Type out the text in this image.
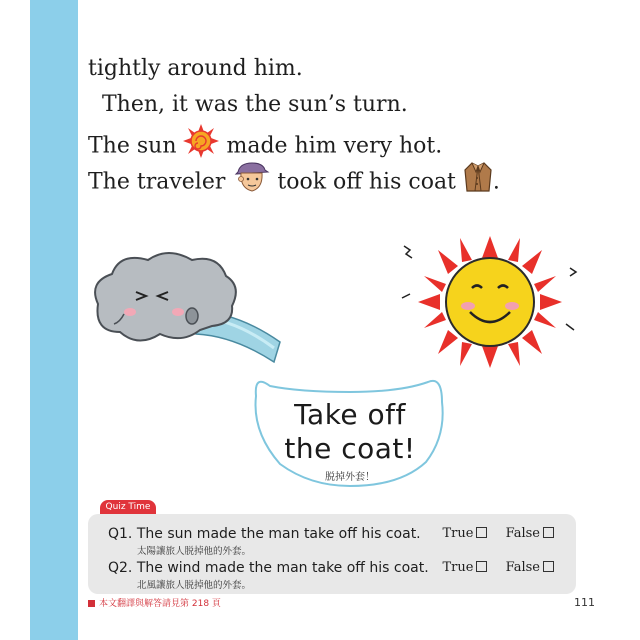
tightly around him.
Then, it was the sun’s turn.
The sun made him very hot.
The traveler took off his coat .
Take off
the coat!
脱掉外套！
Quiz Time
Q1. The sun made the man take off his coat.
太陽讓旅人脱掉他的外套。
True False
Q2. The wind made the man take off his coat.
北風讓旅人脱掉他的外套。
True False
本文翻譯與解答請見第 218 頁	111
